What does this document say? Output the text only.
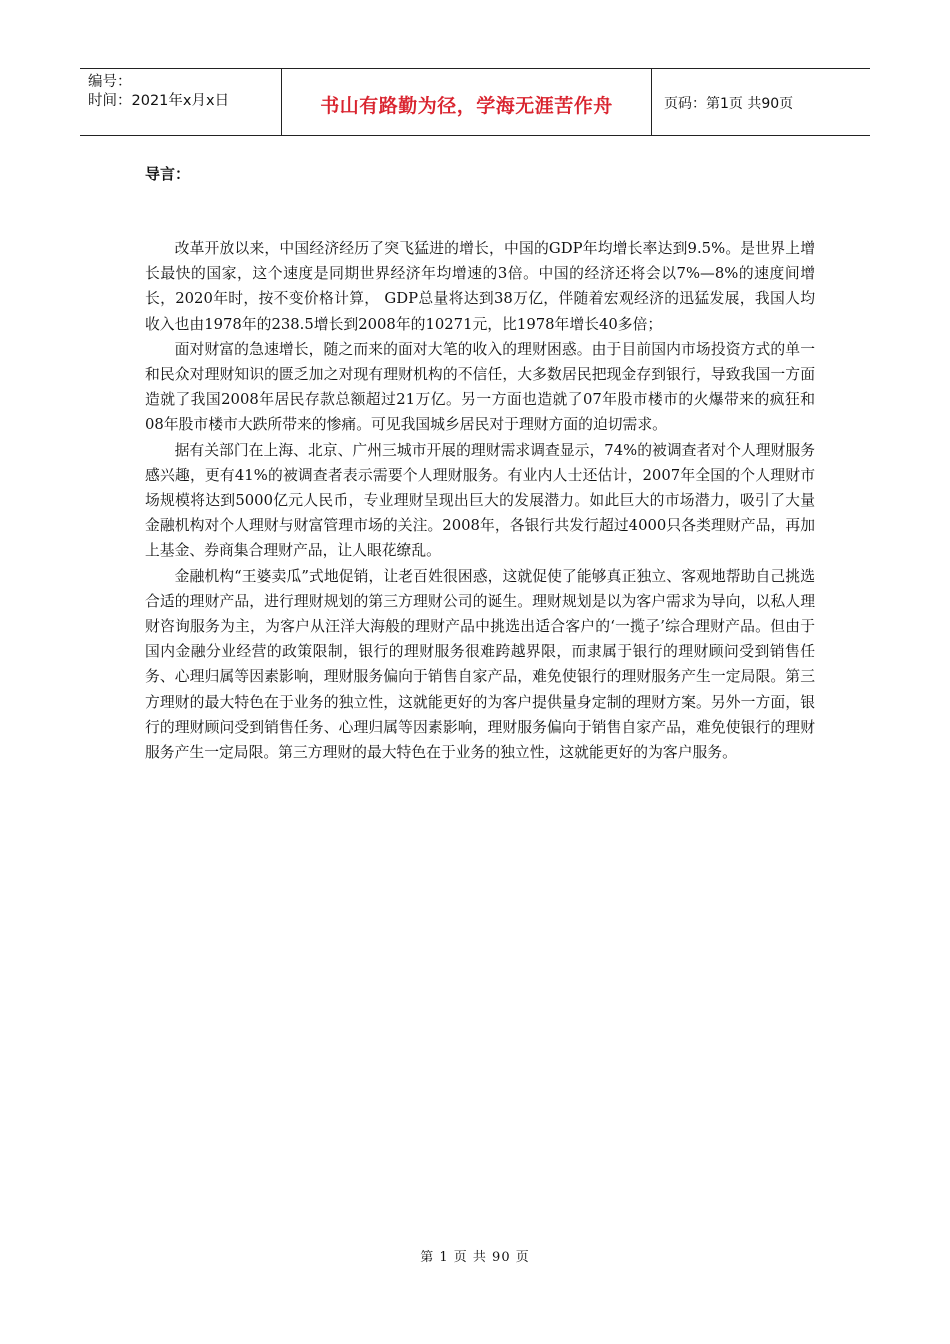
编号：
时间：2021年x月x日	书山有路勤为径，学海无涯苦作舟	页码：第1页 共90页
导言：

改革开放以来，中国经济经历了突飞猛进的增长，中国的GDP年均增长率达到9.5%。是世界上增长最快的国家，这个速度是同期世界经济年均增速的3倍。中国的经济还将会以7%—8%的速度间增长，2020年时，按不变价格计算， GDP总量将达到38万亿，伴随着宏观经济的迅猛发展，我国人均收入也由1978年的238.5增长到2008年的10271元，比1978年增长40多倍；

面对财富的急速增长，随之而来的面对大笔的收入的理财困惑。由于目前国内市场投资方式的单一和民众对理财知识的匮乏加之对现有理财机构的不信任，大多数居民把现金存到银行，导致我国一方面造就了我国2008年居民存款总额超过21万亿。另一方面也造就了07年股市楼市的火爆带来的疯狂和08年股市楼市大跌所带来的惨痛。可见我国城乡居民对于理财方面的迫切需求。

据有关部门在上海、北京、广州三城市开展的理财需求调查显示，74%的被调查者对个人理财服务感兴趣，更有41%的被调查者表示需要个人理财服务。有业内人士还估计，2007年全国的个人理财市场规模将达到5000亿元人民币，专业理财呈现出巨大的发展潜力。如此巨大的市场潜力，吸引了大量金融机构对个人理财与财富管理市场的关注。2008年，各银行共发行超过4000只各类理财产品，再加上基金、券商集合理财产品，让人眼花缭乱。

金融机构“王婆卖瓜”式地促销，让老百姓很困惑，这就促使了能够真正独立、客观地帮助自己挑选合适的理财产品，进行理财规划的第三方理财公司的诞生。理财规划是以为客户需求为导向，以私人理财咨询服务为主，为客户从汪洋大海般的理财产品中挑选出适合客户的‘一揽子’综合理财产品。但由于国内金融分业经营的政策限制，银行的理财服务很难跨越界限，而隶属于银行的理财顾问受到销售任务、心理归属等因素影响，理财服务偏向于销售自家产品，难免使银行的理财服务产生一定局限。第三方理财的最大特色在于业务的独立性，这就能更好的为客户提供量身定制的理财方案。另外一方面，银行的理财顾问受到销售任务、心理归属等因素影响，理财服务偏向于销售自家产品，难免使银行的理财服务产生一定局限。第三方理财的最大特色在于业务的独立性，这就能更好的为客户服务。

第 1 页 共 90 页
